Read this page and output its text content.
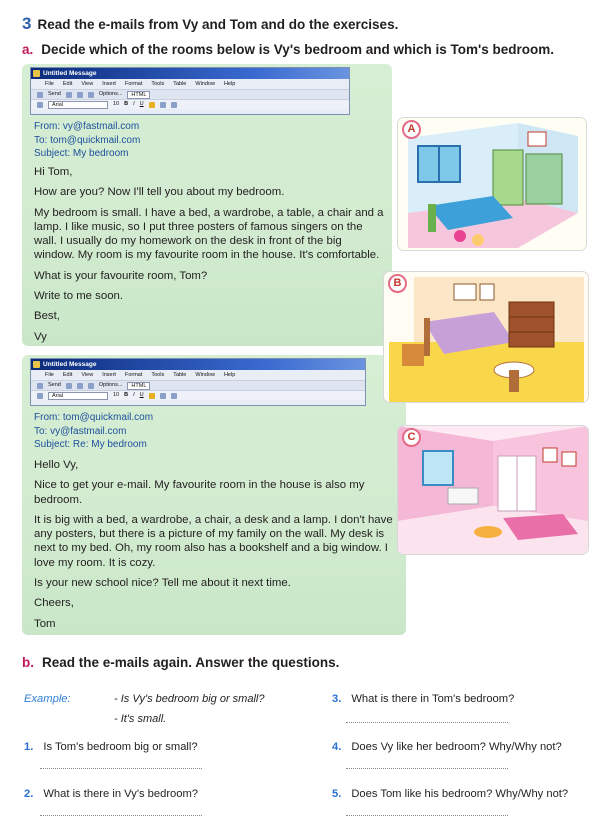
3 Read the e-mails from Vy and Tom and do the exercises.
a. Decide which of the rooms below is Vy's bedroom and which is Tom's bedroom.
Untitled Message
File Edit View Insert Format Tools Table Window Help
Send	Options...	HTML
Arial	10 B I U
From: vy@fastmail.com
To: tom@quickmail.com
Subject: My bedroom

Hi Tom,

How are you? Now I'll tell you about my bedroom.

My bedroom is small. I have a bed, a wardrobe, a table, a chair and a lamp. I like music, so I put three posters of famous singers on the wall. I usually do my homework on the desk in front of the big window. My room is my favourite room in the house. It's comfortable.

What is your favourite room, Tom?

Write to me soon.

Best,

Vy

Untitled Message
File Edit View Insert Format Tools Table Window Help
Send	Options...	HTML
Arial	10 B I U
From: tom@quickmail.com
To: vy@fastmail.com
Subject: Re: My bedroom

Hello Vy,

Nice to get your e-mail. My favourite room in the house is also my bedroom.

It is big with a bed, a wardrobe, a chair, a desk and a lamp. I don't have any posters, but there is a picture of my family on the wall. My desk is next to my bed. Oh, my room also has a bookshelf and a big window. I love my room. It is cozy.

Is your new school nice? Tell me about it next time.

Cheers,

Tom

A
B
C
b. Read the e-mails again. Answer the questions.
Example:	- Is Vy's bedroom big or small?
- It's small.
1. Is Tom's bedroom big or small?
2. What is there in Vy's bedroom?
3. What is there in Tom's bedroom?
4. Does Vy like her bedroom? Why/Why not?
5. Does Tom like his bedroom? Why/Why not?
